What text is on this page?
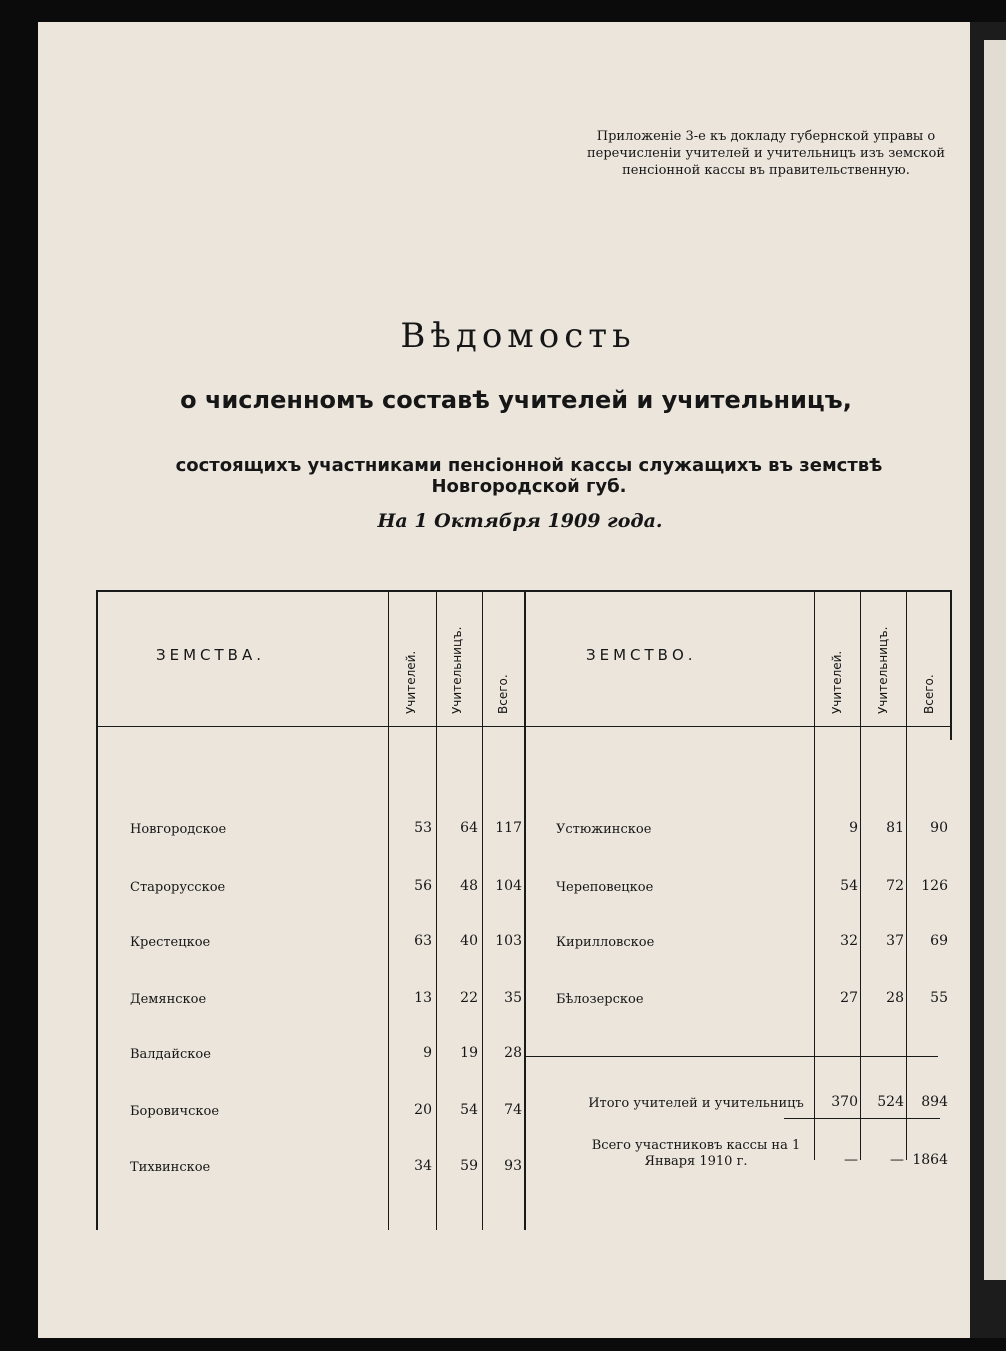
Приложеніе 3-е къ докладу губернской управы о перечисленіи учителей и учительницъ изъ земской пенсіонной кассы въ правительственную.
Вѣдомость
о численномъ составѣ учителей и учительницъ,
состоящихъ участниками пенсіонной кассы служащихъ въ земствѣ Новгородской губ.
На 1 Октября 1909 года.
ЗЕМСТВА.	ЗЕМСТВО.
Учителей.	Учительницъ.	Всего.	Учителей.	Учительницъ.	Всего.
Новгородское	53	64	117
Старорусское	56	48	104
Крестецкое	63	40	103
Демянское	13	22	35
Валдайское	9	19	28
Боровичское	20	54	74
Тихвинское	34	59	93
Устюжинское	9	81	90
Череповецкое	54	72	126
Кирилловское	32	37	69
Бѣлозерское	27	28	55
Итого учителей и учительницъ	370	524	894
Всего участниковъ кассы на 1 Января 1910 г.	—	— 1864
